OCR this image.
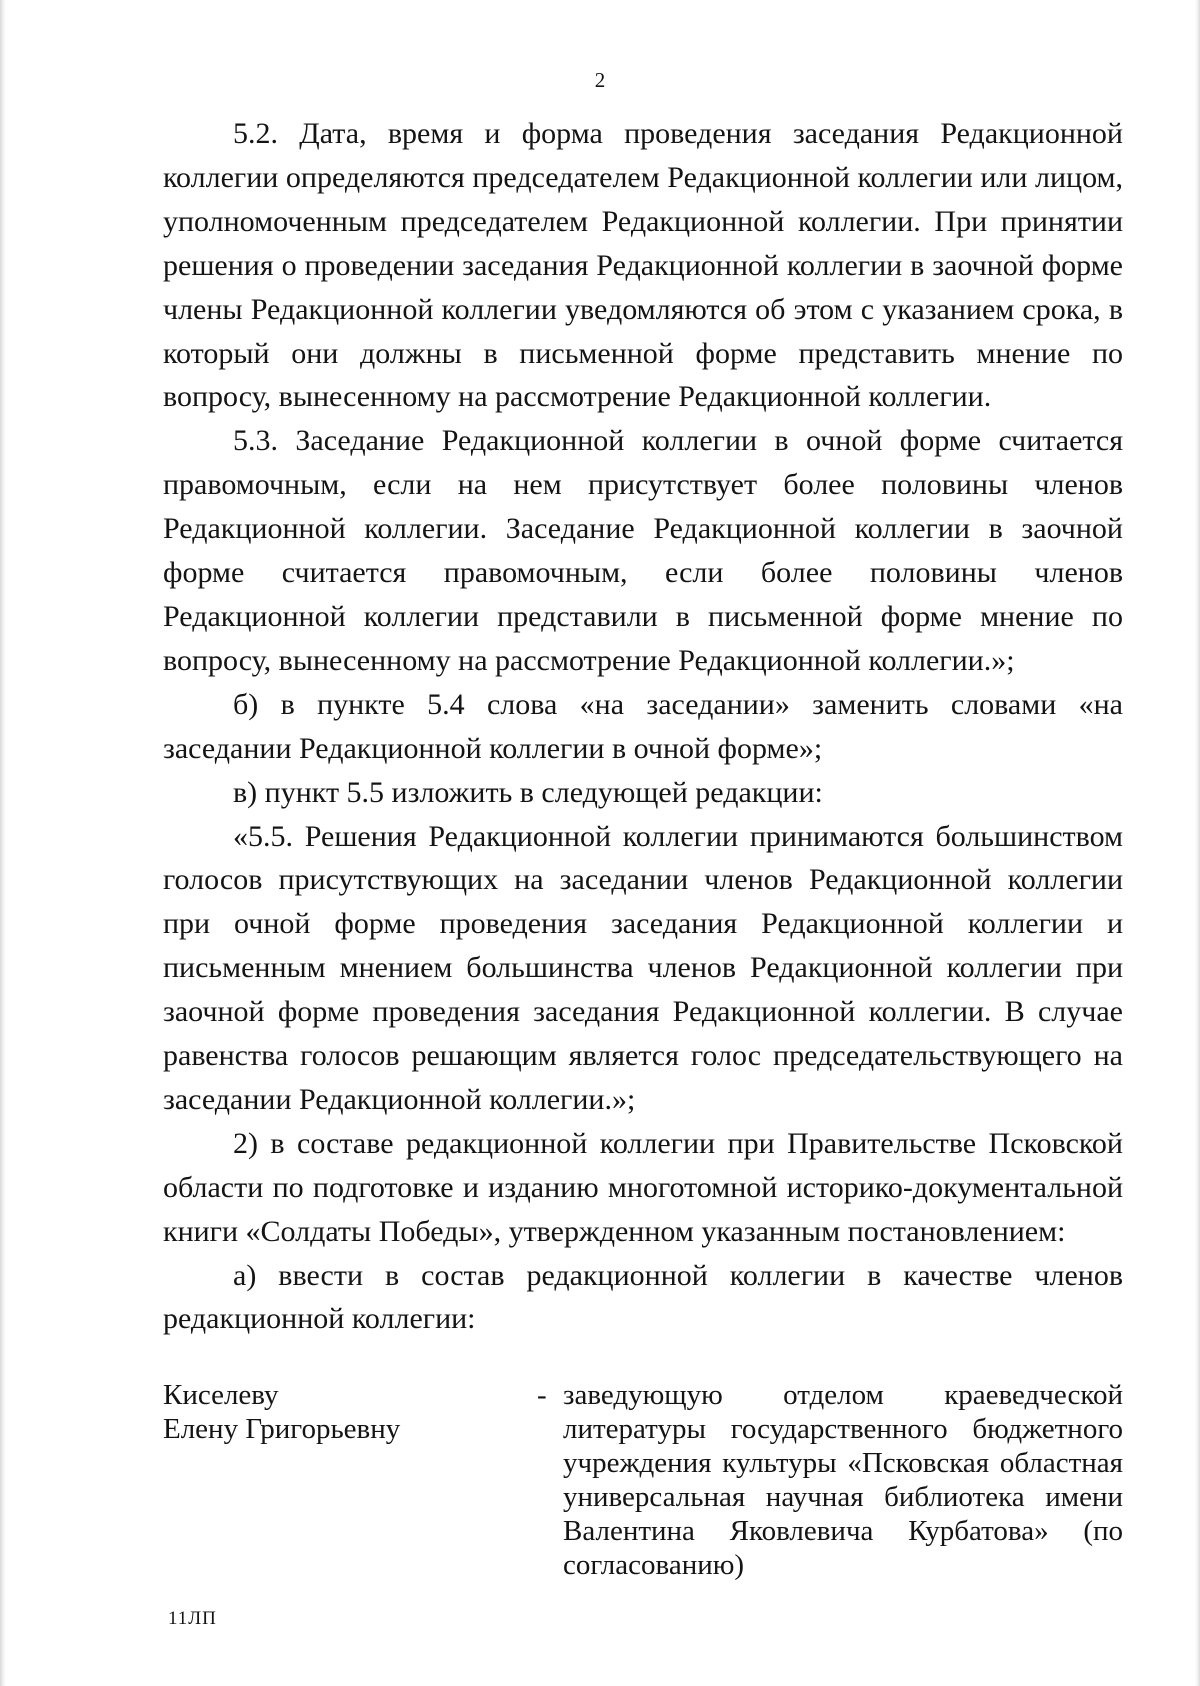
2

5.2. Дата, время и форма проведения заседания Редакционной коллегии определяются председателем Редакционной коллегии или лицом, уполномоченным председателем Редакционной коллегии. При принятии решения о проведении заседания Редакционной коллегии в заочной форме члены Редакционной коллегии уведомляются об этом с указанием срока, в который они должны в письменной форме представить мнение по вопросу, вынесенному на рассмотрение Редакционной коллегии.

5.3. Заседание Редакционной коллегии в очной форме считается правомочным, если на нем присутствует более половины членов Редакционной коллегии. Заседание Редакционной коллегии в заочной форме считается правомочным, если более половины членов Редакционной коллегии представили в письменной форме мнение по вопросу, вынесенному на рассмотрение Редакционной коллегии.»;

б) в пункте 5.4 слова «на заседании» заменить словами «на заседании Редакционной коллегии в очной форме»;

в) пункт 5.5 изложить в следующей редакции:

«5.5. Решения Редакционной коллегии принимаются большинством голосов присутствующих на заседании членов Редакционной коллегии при очной форме проведения заседания Редакционной коллегии и письменным мнением большинства членов Редакционной коллегии при заочной форме проведения заседания Редакционной коллегии. В случае равенства голосов решающим является голос председательствующего на заседании Редакционной коллегии.»;

2) в составе редакционной коллегии при Правительстве Псковской области по подготовке и изданию многотомной историко-документальной книги «Солдаты Победы», утвержденном указанным постановлением:

а) ввести в состав редакционной коллегии в качестве членов редакционной коллегии:

Киселеву
Елену Григорьевну
- заведующую отделом краеведческой литературы государственного бюджетного учреждения культуры «Псковская областная универсальная научная библиотека имени Валентина Яковлевича Курбатова» (по согласованию)
11ЛП
